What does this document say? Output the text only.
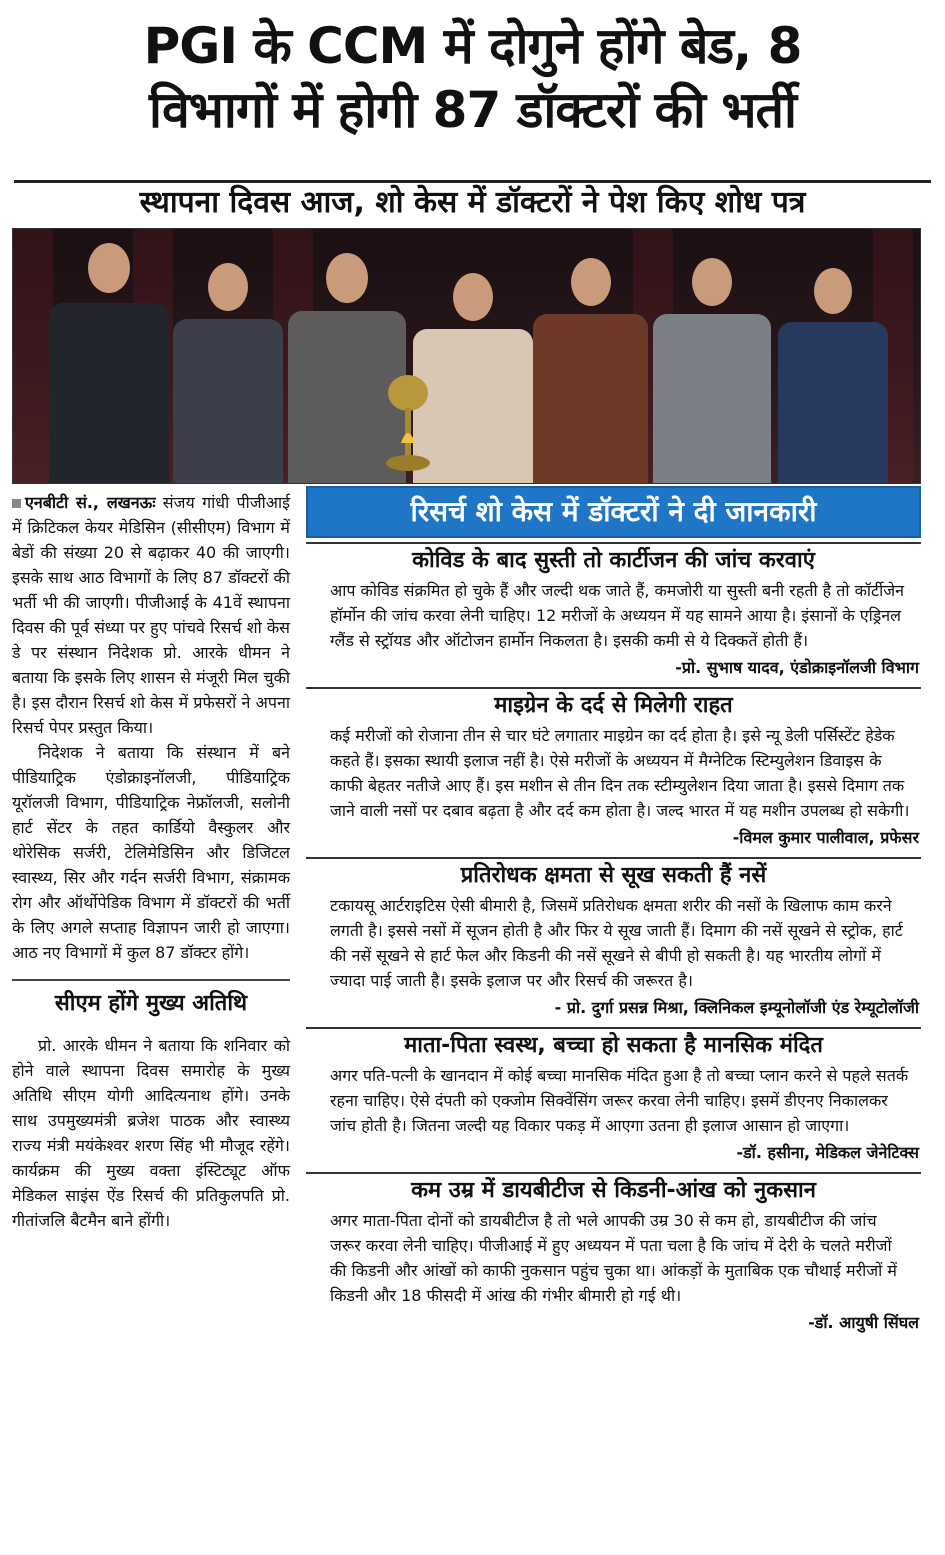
PGI के CCM में दोगुने होंगे बेड, 8
विभागों में होगी 87 डॉक्टरों की भर्ती
स्थापना दिवस आज, शो केस में डॉक्टरों ने पेश किए शोध पत्र

एनबीटी सं., लखनऊः संजय गांधी पीजीआई में क्रिटिकल केयर मेडिसिन (सीसीएम) विभाग में बेडों की संख्या 20 से बढ़ाकर 40 की जाएगी। इसके साथ आठ विभागों के लिए 87 डॉक्टरों की भर्ती भी की जाएगी। पीजीआई के 41वें स्थापना दिवस की पूर्व संध्या पर हुए पांचवे रिसर्च शो केस डे पर संस्थान निदेशक प्रो. आरके धीमन ने बताया कि इसके लिए शासन से मंजूरी मिल चुकी है। इस दौरान रिसर्च शो केस में प्रफेसरों ने अपना रिसर्च पेपर प्रस्तुत किया।

निदेशक ने बताया कि संस्थान में बने पीडियाट्रिक एंडोक्राइनॉलजी, पीडियाट्रिक यूरॉलजी विभाग, पीडियाट्रिक नेफ्रॉलजी, सलोनी हार्ट सेंटर के तहत कार्डियो वैस्कुलर और थोरेसिक सर्जरी, टेलिमेडिसिन और डिजिटल स्वास्थ्य, सिर और गर्दन सर्जरी विभाग, संक्रामक रोग और ऑर्थोपेडिक विभाग में डॉक्टरों की भर्ती के लिए अगले सप्ताह विज्ञापन जारी हो जाएगा। आठ नए विभागों में कुल 87 डॉक्टर होंगे।

सीएम होंगे मुख्य अतिथि

प्रो. आरके धीमन ने बताया कि शनिवार को होने वाले स्थापना दिवस समारोह के मुख्य अतिथि सीएम योगी आदित्यनाथ होंगे। उनके साथ उपमुख्यमंत्री ब्रजेश पाठक और स्वास्थ्य राज्य मंत्री मयंकेश्वर शरण सिंह भी मौजूद रहेंगे। कार्यक्रम की मुख्य वक्ता इंस्टिट्यूट ऑफ मेडिकल साइंस ऐंड रिसर्च की प्रतिकुलपति प्रो. गीतांजलि बैटमैन बाने होंगी।

रिसर्च शो केस में डॉक्टरों ने दी जानकारी
कोविड के बाद सुस्ती तो कार्टीजन की जांच करवाएं
आप कोविड संक्रमित हो चुके हैं और जल्दी थक जाते हैं, कमजोरी या सुस्ती बनी रहती है तो कॉर्टीजेन हॉर्मोन की जांच करवा लेनी चाहिए। 12 मरीजों के अध्ययन में यह सामने आया है। इंसानों के एड्रिनल ग्लैंड से स्ट्रॉयड और ऑटोजन हार्मोन निकलता है। इसकी कमी से ये दिक्कतें होती हैं।
-प्रो. सुभाष यादव, एंडोक्राइनॉलजी विभाग
माइग्रेन के दर्द से मिलेगी राहत
कई मरीजों को रोजाना तीन से चार घंटे लगातार माइग्रेन का दर्द होता है। इसे न्यू डेली पर्सिस्टेंट हेडेक कहते हैं। इसका स्थायी इलाज नहीं है। ऐसे मरीजों के अध्ययन में मैग्नेटिक स्टिम्युलेशन डिवाइस के काफी बेहतर नतीजे आए हैं। इस मशीन से तीन दिन तक स्टीम्युलेशन दिया जाता है। इससे दिमाग तक जाने वाली नसों पर दबाव बढ़ता है और दर्द कम होता है। जल्द भारत में यह मशीन उपलब्ध हो सकेगी।
-विमल कुमार पालीवाल, प्रफेसर
प्रतिरोधक क्षमता से सूख सकती हैं नसें
टकायसू आर्टराइटिस ऐसी बीमारी है, जिसमें प्रतिरोधक क्षमता शरीर की नसों के खिलाफ काम करने लगती है। इससे नसों में सूजन होती है और फिर ये सूख जाती हैं। दिमाग की नसें सूखने से स्ट्रोक, हार्ट की नसें सूखने से हार्ट फेल और किडनी की नसें सूखने से बीपी हो सकती है। यह भारतीय लोगों में ज्यादा पाई जाती है। इसके इलाज पर और रिसर्च की जरूरत है।
- प्रो. दुर्गा प्रसन्न मिश्रा, क्लिनिकल इम्यूनोलॉजी एंड रेम्यूटोलॉजी
माता-पिता स्वस्थ, बच्चा हो सकता है मानसिक मंदित
अगर पति-पत्नी के खानदान में कोई बच्चा मानसिक मंदित हुआ है तो बच्चा प्लान करने से पहले सतर्क रहना चाहिए। ऐसे दंपती को एक्जोम सिक्वेंसिंग जरूर करवा लेनी चाहिए। इसमें डीएनए निकालकर जांच होती है। जितना जल्दी यह विकार पकड़ में आएगा उतना ही इलाज आसान हो जाएगा।
-डॉ. हसीना, मेडिकल जेनेटिक्स
कम उम्र में डायबीटीज से किडनी-आंख को नुकसान
अगर माता-पिता दोनों को डायबीटीज है तो भले आपकी उम्र 30 से कम हो, डायबीटीज की जांच जरूर करवा लेनी चाहिए। पीजीआई में हुए अध्ययन में पता चला है कि जांच में देरी के चलते मरीजों की किडनी और आंखों को काफी नुकसान पहुंच चुका था। आंकड़ों के मुताबिक एक चौथाई मरीजों में किडनी और 18 फीसदी में आंख की गंभीर बीमारी हो गई थी।
-डॉ. आयुषी सिंघल
